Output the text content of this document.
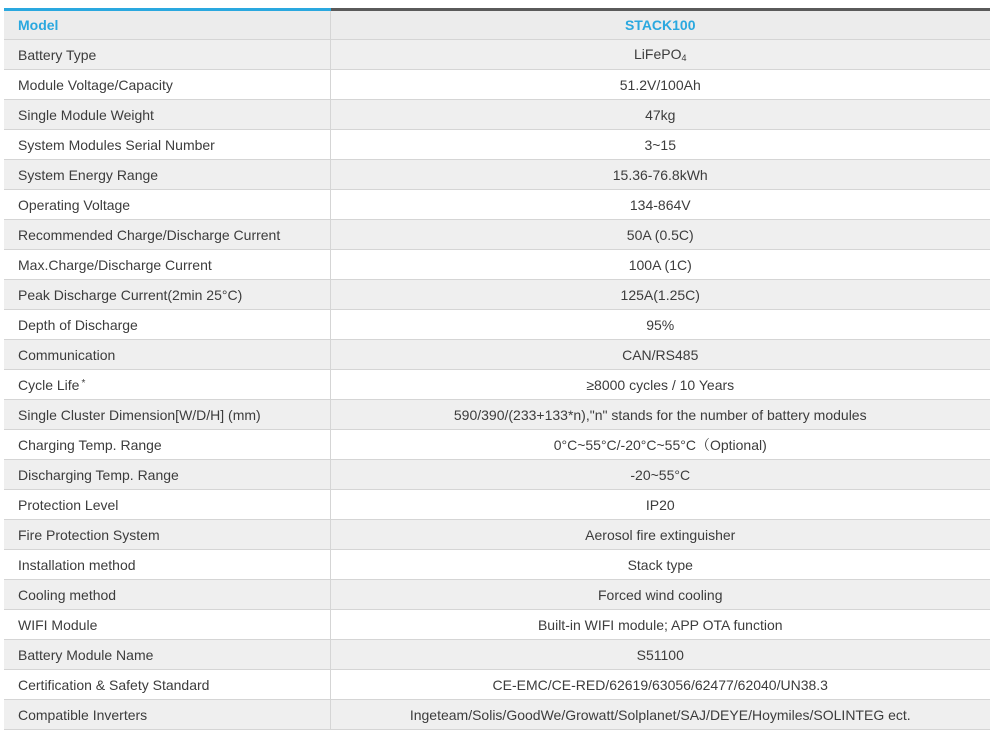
Model	STACK100
Battery Type	LiFePO$_4$
Module Voltage/Capacity	51.2V/100Ah
Single Module Weight	47kg
System Modules Serial Number	3~15
System Energy Range	15.36-76.8kWh
Operating Voltage	134-864V
Recommended Charge/Discharge Current	50A (0.5C)
Max.Charge/Discharge Current	100A (1C)
Peak Discharge Current(2min 25°C)	125A(1.25C)
Depth of Discharge	95%
Communication	CAN/RS485
Cycle Life *	≥8000 cycles / 10 Years
Single Cluster Dimension[W/D/H] (mm)	590/390/(233+133*n),"n" stands for the number of battery modules
Charging Temp. Range	0°C~55°C/-20°C~55°C（Optional)
Discharging Temp. Range	-20~55°C
Protection Level	IP20
Fire Protection System	Aerosol fire extinguisher
Installation method	Stack type
Cooling method	Forced wind cooling
WIFI Module	Built-in WIFI module; APP OTA function
Battery Module Name	S51100
Certification & Safety Standard	CE-EMC/CE-RED/62619/63056/62477/62040/UN38.3
Compatible Inverters	Ingeteam/Solis/GoodWe/Growatt/Solplanet/SAJ/DEYE/Hoymiles/SOLINTEG ect.
